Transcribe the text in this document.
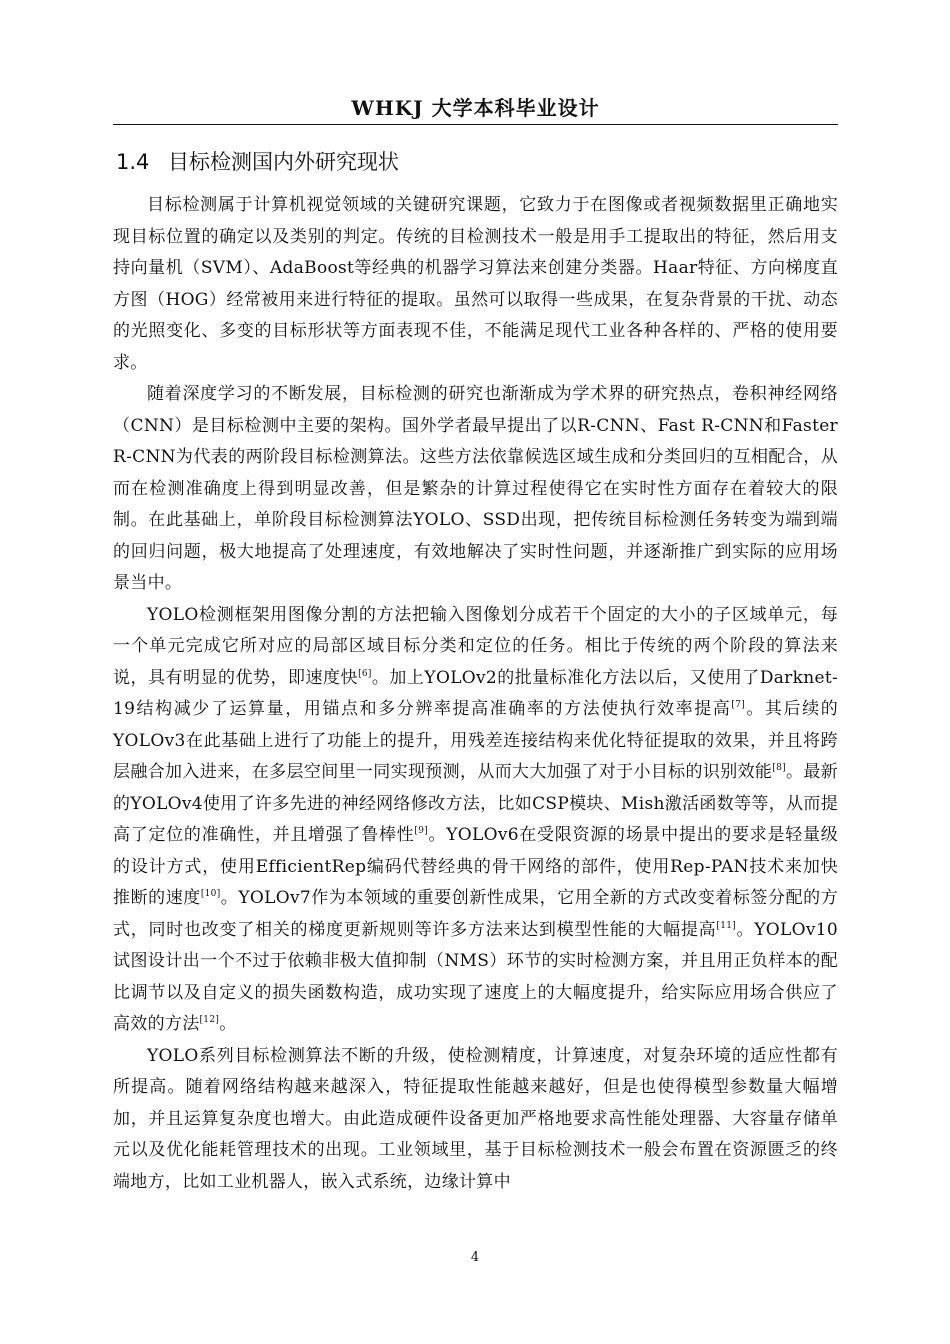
WHKJ 大学本科毕业设计
1.4 目标检测国内外研究现状

目标检测属于计算机视觉领域的关键研究课题，它致力于在图像或者视频数据里正确地实现目标位置的确定以及类别的判定。传统的目检测技术一般是用手工提取出的特征，然后用支持向量机（SVM）、AdaBoost等经典的机器学习算法来创建分类器。Haar特征、方向梯度直方图（HOG）经常被用来进行特征的提取。虽然可以取得一些成果，在复杂背景的干扰、动态的光照变化、多变的目标形状等方面表现不佳，不能满足现代工业各种各样的、严格的使用要求。

随着深度学习的不断发展，目标检测的研究也渐渐成为学术界的研究热点，卷积神经网络（CNN）是目标检测中主要的架构。国外学者最早提出了以R-CNN、Fast R-CNN和Faster R-CNN为代表的两阶段目标检测算法。这些方法依靠候选区域生成和分类回归的互相配合，从而在检测准确度上得到明显改善，但是繁杂的计算过程使得它在实时性方面存在着较大的限制。在此基础上，单阶段目标检测算法YOLO、SSD出现，把传统目标检测任务转变为端到端的回归问题，极大地提高了处理速度，有效地解决了实时性问题，并逐渐推广到实际的应用场景当中。

YOLO检测框架用图像分割的方法把输入图像划分成若干个固定的大小的子区域单元，每一个单元完成它所对应的局部区域目标分类和定位的任务。相比于传统的两个阶段的算法来说，具有明显的优势，即速度快[6]。加上YOLOv2的批量标准化方法以后，又使用了Darknet-19结构减少了运算量，用锚点和多分辨率提高准确率的方法使执行效率提高[7]。其后续的YOLOv3在此基础上进行了功能上的提升，用残差连接结构来优化特征提取的效果，并且将跨层融合加入进来，在多层空间里一同实现预测，从而大大加强了对于小目标的识别效能[8]。最新的YOLOv4使用了许多先进的神经网络修改方法，比如CSP模块、Mish激活函数等等，从而提高了定位的准确性，并且增强了鲁棒性[9]。YOLOv6在受限资源的场景中提出的要求是轻量级的设计方式，使用EfficientRep编码代替经典的骨干网络的部件，使用Rep-PAN技术来加快推断的速度[10]。YOLOv7作为本领域的重要创新性成果，它用全新的方式改变着标签分配的方式，同时也改变了相关的梯度更新规则等许多方法来达到模型性能的大幅提高[11]。YOLOv10试图设计出一个不过于依赖非极大值抑制（NMS）环节的实时检测方案，并且用正负样本的配比调节以及自定义的损失函数构造，成功实现了速度上的大幅度提升，给实际应用场合供应了高效的方法[12]。

YOLO系列目标检测算法不断的升级，使检测精度，计算速度，对复杂环境的适应性都有所提高。随着网络结构越来越深入，特征提取性能越来越好，但是也使得模型参数量大幅增加，并且运算复杂度也增大。由此造成硬件设备更加严格地要求高性能处理器、大容量存储单元以及优化能耗管理技术的出现。工业领域里，基于目标检测技术一般会布置在资源匮乏的终端地方，比如工业机器人，嵌入式系统，边缘计算中

4
